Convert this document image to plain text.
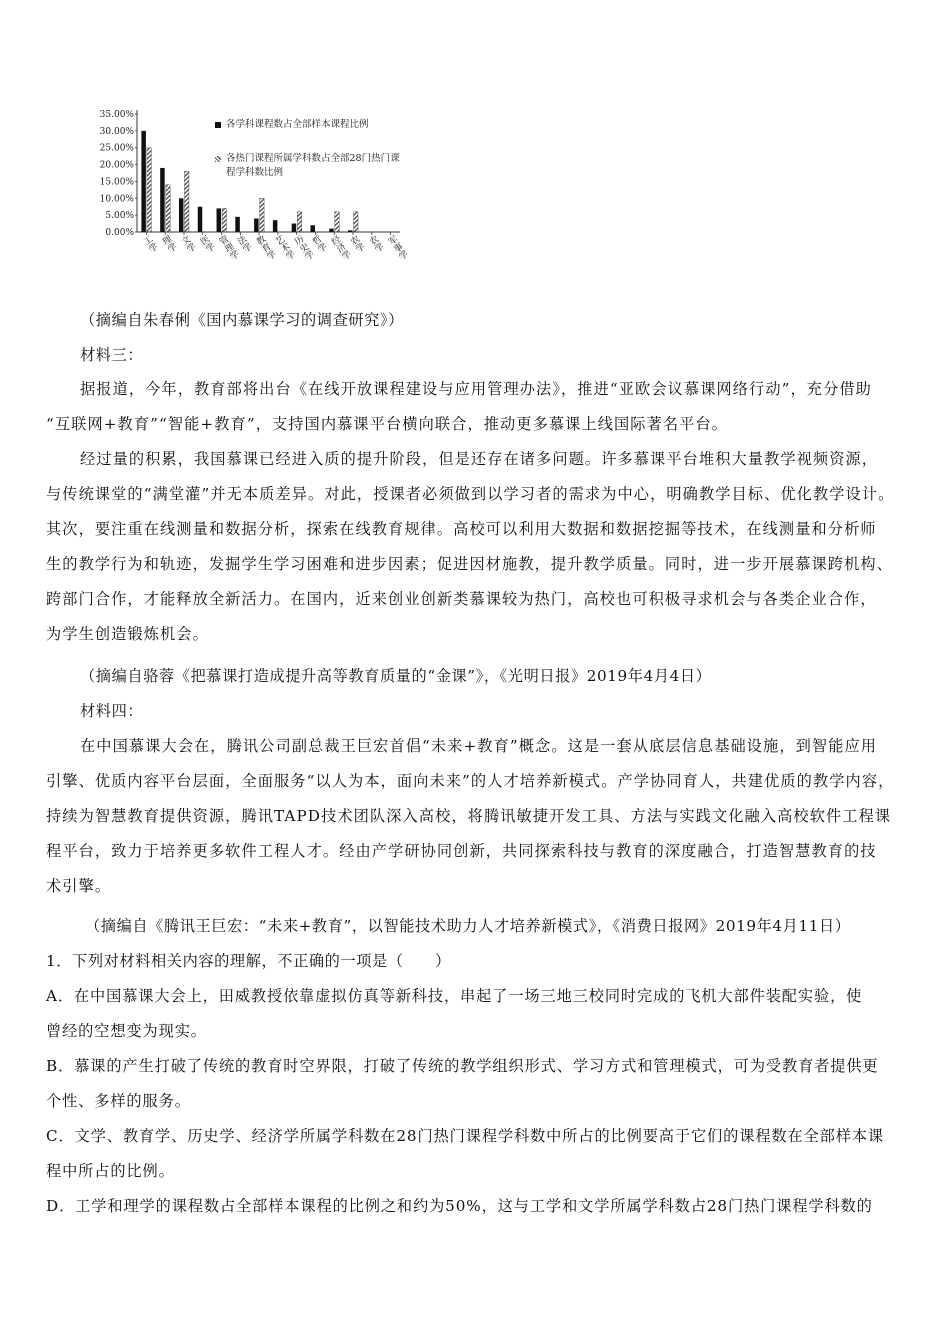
35.00%
30.00%
25.00%
20.00%
15.00%
10.00%
5.00%
0.00%
各学科课程数占全部样本课程比例
各热门课程所属学科数占全部28门热门课程学科数比例
工学 理学 文学 医学 管理学
法学 教育学
艺术学
历史学
哲学 经济学
农学 农学 军事学
（摘编自朱春俐《国内慕课学习的调查研究》）
材料三：
据报道，今年，教育部将出台《在线开放课程建设与应用管理办法》，推进“亚欧会议慕课网络行动”，充分借助
“互联网+教育”“智能+教育”，支持国内慕课平台横向联合，推动更多慕课上线国际著名平台。
经过量的积累，我国慕课已经进入质的提升阶段，但是还存在诸多问题。许多慕课平台堆积大量教学视频资源，
与传统课堂的“满堂灌”并无本质差异。对此，授课者必须做到以学习者的需求为中心，明确教学目标、优化教学设计。
其次，要注重在线测量和数据分析，探索在线教育规律。高校可以利用大数据和数据挖掘等技术，在线测量和分析师
生的教学行为和轨迹，发掘学生学习困难和进步因素；促进因材施教，提升教学质量。同时，进一步开展慕课跨机构、
跨部门合作，才能释放全新活力。在国内，近来创业创新类慕课较为热门，高校也可积极寻求机会与各类企业合作，
为学生创造锻炼机会。
（摘编自骆蓉《把慕课打造成提升高等教育质量的“金课”》，《光明日报》2019年4月4日）
材料四：
在中国慕课大会在，腾讯公司副总裁王巨宏首倡“未来+教育”概念。这是一套从底层信息基础设施，到智能应用
引擎、优质内容平台层面，全面服务“以人为本，面向未来”的人才培养新模式。产学协同育人，共建优质的教学内容，
持续为智慧教育提供资源，腾讯TAPD技术团队深入高校，将腾讯敏捷开发工具、方法与实践文化融入高校软件工程课
程平台，致力于培养更多软件工程人才。经由产学研协同创新，共同探索科技与教育的深度融合，打造智慧教育的技
术引擎。
（摘编自《腾讯王巨宏：“未来+教育”，以智能技术助力人才培养新模式》，《消费日报网》2019年4月11日）
1．下列对材料相关内容的理解，不正确的一项是（　　）
A．在中国慕课大会上，田威教授依靠虚拟仿真等新科技，串起了一场三地三校同时完成的飞机大部件装配实验，使
曾经的空想变为现实。
B．慕课的产生打破了传统的教育时空界限，打破了传统的教学组织形式、学习方式和管理模式，可为受教育者提供更
个性、多样的服务。
C．文学、教育学、历史学、经济学所属学科数在28门热门课程学科数中所占的比例要高于它们的课程数在全部样本课
程中所占的比例。
D．工学和理学的课程数占全部样本课程的比例之和约为50%，这与工学和文学所属学科数占28门热门课程学科数的
